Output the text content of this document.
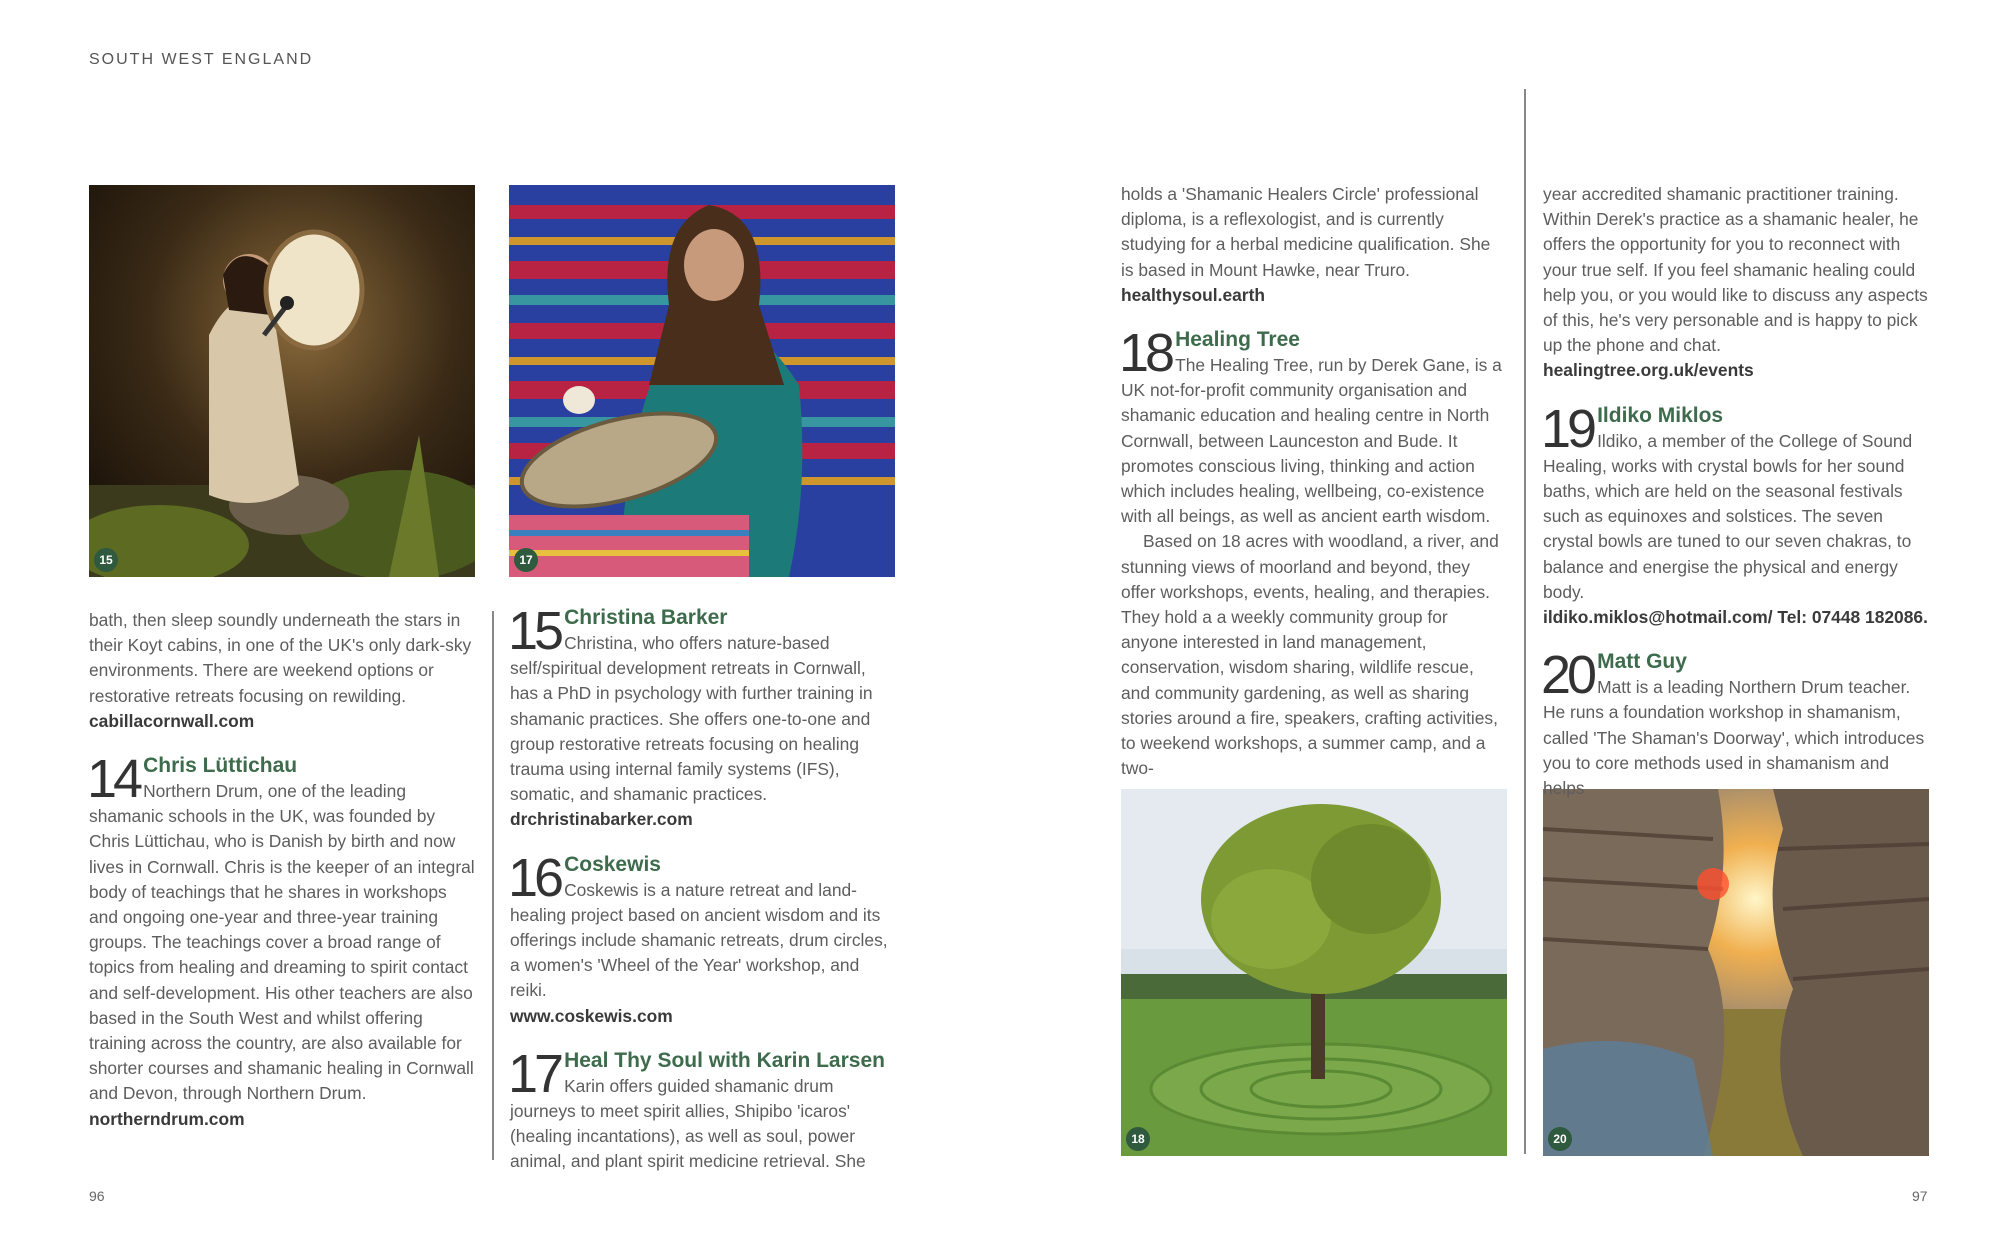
SOUTH WEST ENGLAND
96	97
15	17
18	20

bath, then sleep soundly underneath the stars in their Koyt cabins, in one of the UK's only dark-sky environments. There are weekend options or restorative retreats focusing on rewilding.

cabillacornwall.com

14 Chris Lüttichau
Northern Drum, one of the leading shamanic schools in the UK, was founded by Chris Lüttichau, who is Danish by birth and now lives in Cornwall. Chris is the keeper of an integral body of teachings that he shares in workshops and ongoing one-year and three-year training groups. The teachings cover a broad range of topics from healing and dreaming to spirit contact and self-development. His other teachers are also based in the South West and whilst offering training across the country, are also available for shorter courses and shamanic healing in Cornwall and Devon, through Northern Drum.

northerndrum.com

15 Christina Barker
Christina, who offers nature-based self/spiritual development retreats in Cornwall, has a PhD in psychology with further training in shamanic practices. She offers one-to-one and group restorative retreats focusing on healing trauma using internal family systems (IFS), somatic, and shamanic practices.

drchristinabarker.com

16 Coskewis
Coskewis is a nature retreat and land-healing project based on ancient wisdom and its offerings include shamanic retreats, drum circles, a women's 'Wheel of the Year' workshop, and reiki.

www.coskewis.com

17 Heal Thy Soul with Karin Larsen
Karin offers guided shamanic drum journeys to meet spirit allies, Shipibo 'icaros' (healing incantations), as well as soul, power animal, and plant spirit medicine retrieval. She

holds a 'Shamanic Healers Circle' professional diploma, is a reflexologist, and is currently studying for a herbal medicine qualification. She is based in Mount Hawke, near Truro.

healthysoul.earth

18 Healing Tree
The Healing Tree, run by Derek Gane, is a UK not-for-profit community organisation and shamanic education and healing centre in North Cornwall, between Launceston and Bude. It promotes conscious living, thinking and action which includes healing, wellbeing, co-existence with all beings, as well as ancient earth wisdom.

Based on 18 acres with woodland, a river, and stunning views of moorland and beyond, they offer workshops, events, healing, and therapies. They hold a a weekly community group for anyone interested in land management, conservation, wisdom sharing, wildlife rescue, and community gardening, as well as sharing stories around a fire, speakers, crafting activities, to weekend workshops, a summer camp, and a two-

year accredited shamanic practitioner training. Within Derek's practice as a shamanic healer, he offers the opportunity for you to reconnect with your true self. If you feel shamanic healing could help you, or you would like to discuss any aspects of this, he's very personable and is happy to pick up the phone and chat.

healingtree.org.uk/events

19 Ildiko Miklos
Ildiko, a member of the College of Sound Healing, works with crystal bowls for her sound baths, which are held on the seasonal festivals such as equinoxes and solstices. The seven crystal bowls are tuned to our seven chakras, to balance and energise the physical and energy body.

ildiko.miklos@hotmail.com/ Tel: 07448 182086.

20 Matt Guy
Matt is a leading Northern Drum teacher. He runs a foundation workshop in shamanism, called 'The Shaman's Doorway', which introduces you to core methods used in shamanism and helps
